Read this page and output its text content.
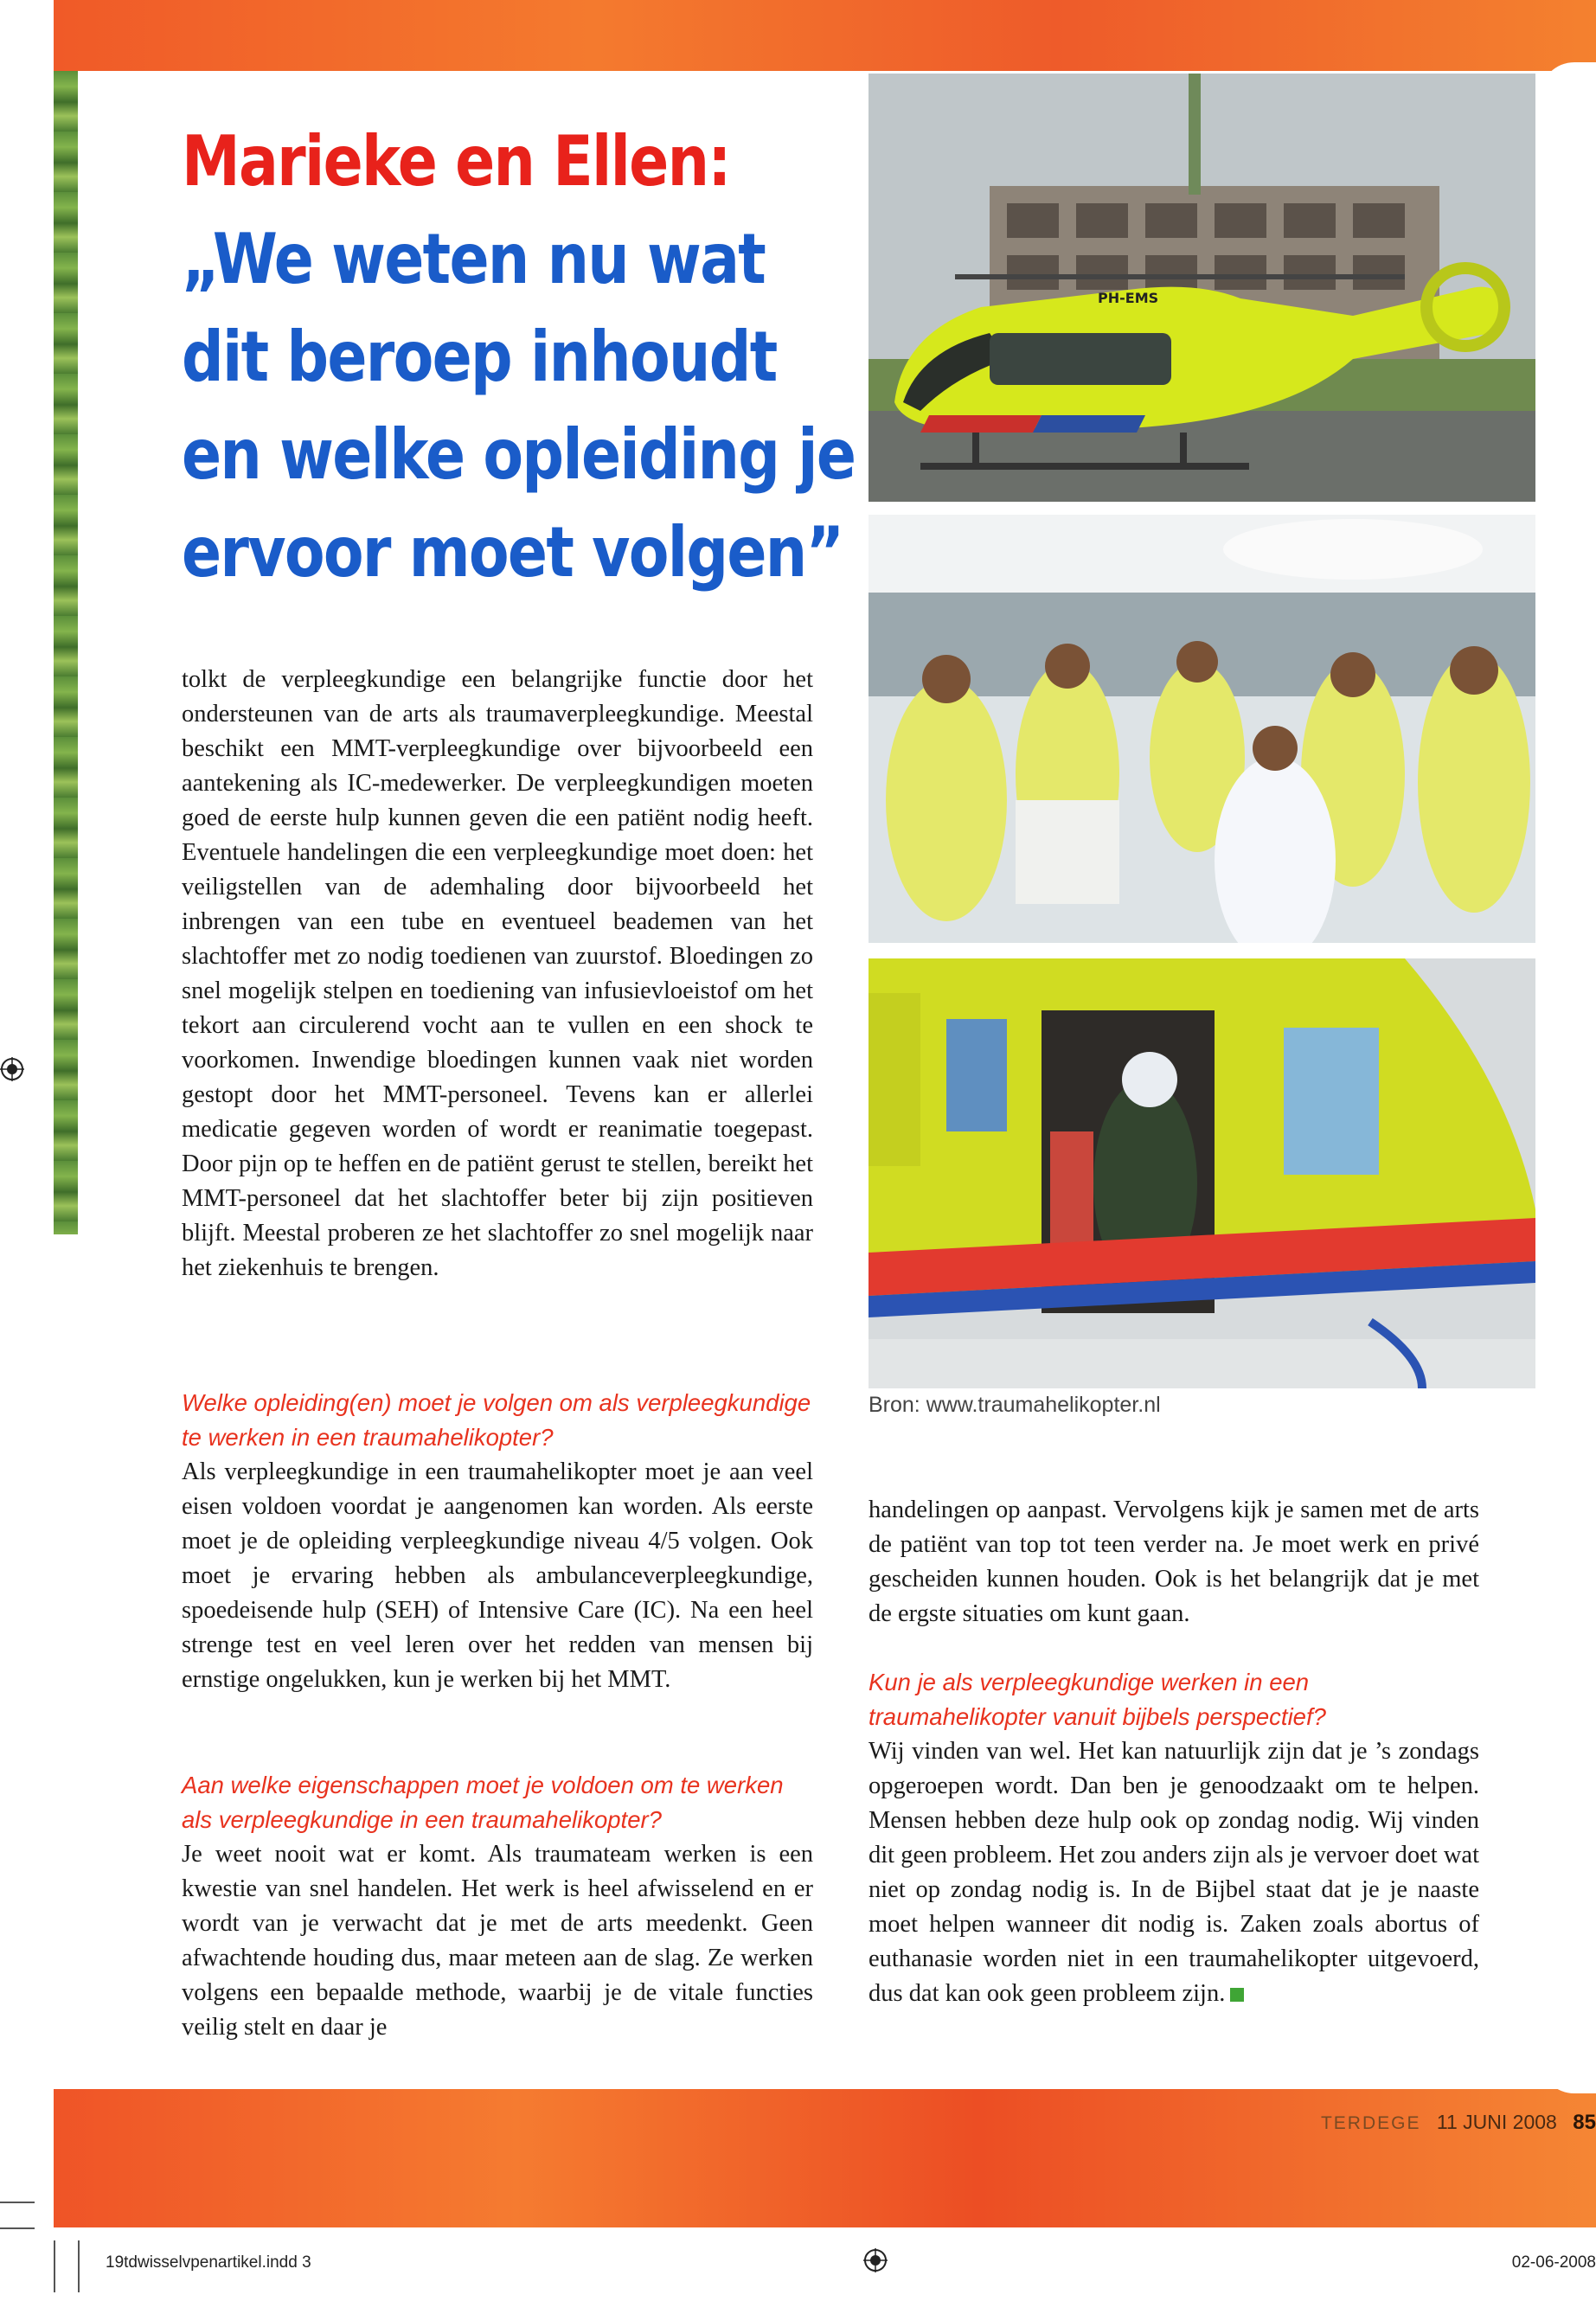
Marieke en Ellen:
„We weten nu wat
dit beroep inhoudt
en welke opleiding je
ervoor moet volgen”

tolkt de verpleegkundige een belangrijke functie door het ondersteunen van de arts als traumaverpleegkundige. Meestal beschikt een MMT-verpleegkundige over bijvoorbeeld een aantekening als IC-medewerker. De verpleegkundigen moeten goed de eerste hulp kunnen geven die een patiënt nodig heeft. Eventuele handelingen die een verpleegkundige moet doen: het veiligstellen van de ademhaling door bijvoorbeeld het inbrengen van een tube en eventueel beademen van het slachtoffer met zo nodig toedienen van zuurstof. Bloedingen zo snel mogelijk stelpen en toediening van infusievloeistof om het tekort aan circulerend vocht aan te vullen en een shock te voorkomen. Inwendige bloedingen kunnen vaak niet worden gestopt door het MMT-personeel. Tevens kan er allerlei medicatie gegeven worden of wordt er reanimatie toegepast. Door pijn op te heffen en de patiënt gerust te stellen, bereikt het MMT-personeel dat het slachtoffer beter bij zijn positieven blijft. Meestal proberen ze het slachtoffer zo snel mogelijk naar het ziekenhuis te brengen.

Welke opleiding(en) moet je volgen om als verpleegkundige te werken in een traumahelikopter?

Als verpleegkundige in een traumahelikopter moet je aan veel eisen voldoen voordat je aangenomen kan worden. Als eerste moet je de opleiding verpleegkundige niveau 4/5 volgen. Ook moet je ervaring hebben als ambulanceverpleegkundige, spoedeisende hulp (SEH) of Intensive Care (IC). Na een heel strenge test en veel leren over het redden van mensen bij ernstige ongelukken, kun je werken bij het MMT.

Aan welke eigenschappen moet je voldoen om te werken als verpleegkundige in een traumahelikopter?

Je weet nooit wat er komt. Als traumateam werken is een kwestie van snel handelen. Het werk is heel afwisselend en er wordt van je verwacht dat je met de arts meedenkt. Geen afwachtende houding dus, maar meteen aan de slag. Ze werken volgens een bepaalde methode, waarbij je de vitale functies veilig stelt en daar je

PH-EMS
Bron: www.traumahelikopter.nl

handelingen op aanpast. Vervolgens kijk je samen met de arts de patiënt van top tot teen verder na. Je moet werk en privé gescheiden kunnen houden. Ook is het belangrijk dat je met de ergste situaties om kunt gaan.

Kun je als verpleegkundige werken in een traumahelikopter vanuit bijbels perspectief?

Wij vinden van wel. Het kan natuurlijk zijn dat je ’s zondags opgeroepen wordt. Dan ben je genoodzaakt om te helpen. Mensen hebben deze hulp ook op zondag nodig. Wij vinden dit geen probleem. Het zou anders zijn als je vervoer doet wat niet op zondag nodig is. In de Bijbel staat dat je je naaste moet helpen wanneer dit nodig is. Zaken zoals abortus of euthanasie worden niet in een traumahelikopter uitgevoerd, dus dat kan ook geen probleem zijn.

TERDEGE 11 JUNI 2008 85
19tdwisselvpenartikel.indd 3	02-06-2008
